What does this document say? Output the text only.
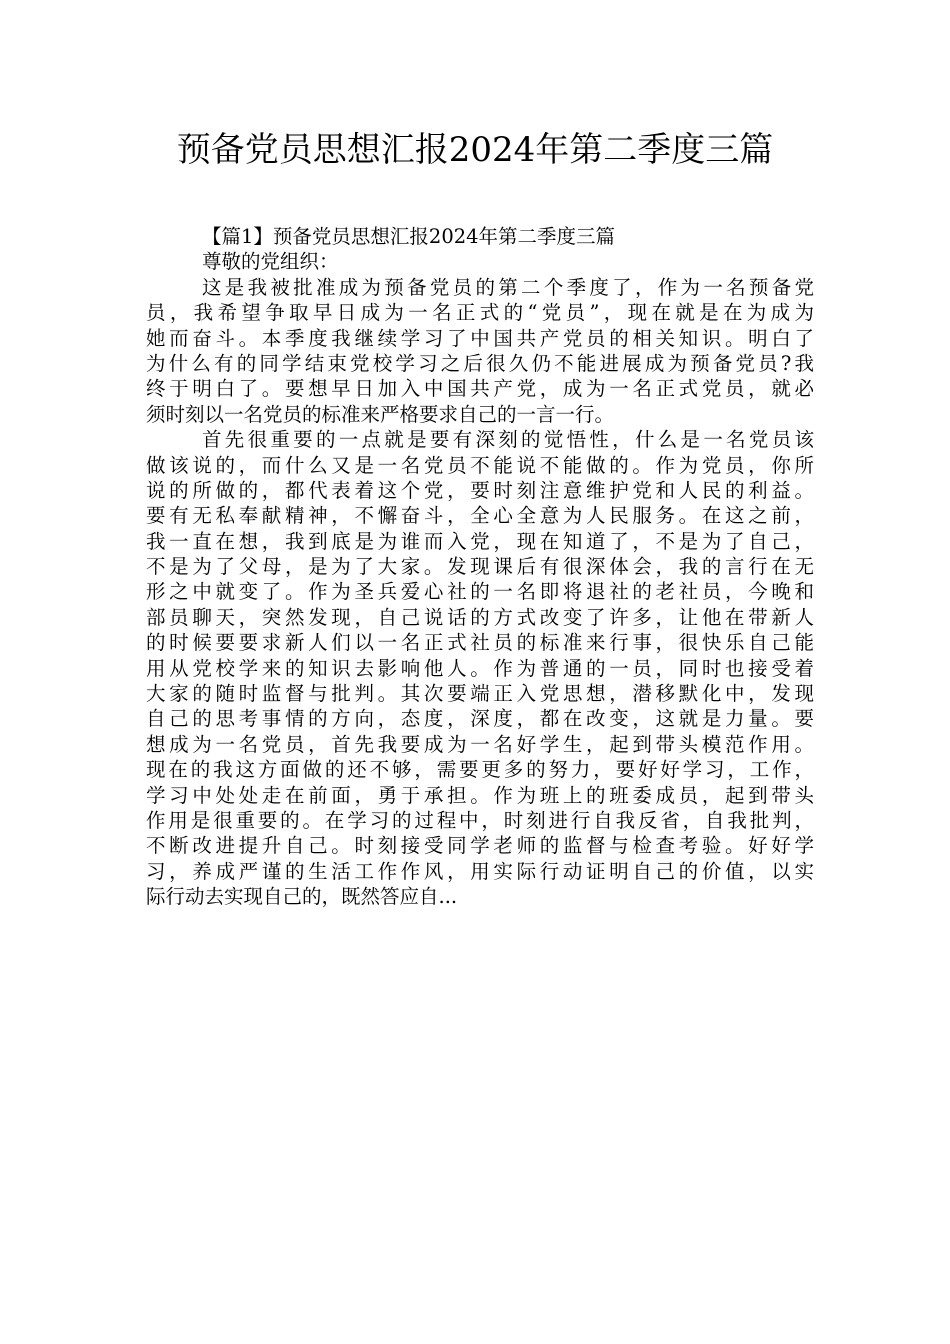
预备党员思想汇报2024年第二季度三篇
【篇1】预备党员思想汇报2024年第二季度三篇
尊敬的党组织：
这是我被批准成为预备党员的第二个季度了，作为一名预备党
员，我希望争取早日成为一名正式的“党员”，现在就是在为成为
她而奋斗。本季度我继续学习了中国共产党员的相关知识。明白了
为什么有的同学结束党校学习之后很久仍不能进展成为预备党员?我
终于明白了。要想早日加入中国共产党，成为一名正式党员，就必
须时刻以一名党员的标准来严格要求自己的一言一行。
首先很重要的一点就是要有深刻的觉悟性，什么是一名党员该
做该说的，而什么又是一名党员不能说不能做的。作为党员，你所
说的所做的，都代表着这个党，要时刻注意维护党和人民的利益。
要有无私奉献精神，不懈奋斗，全心全意为人民服务。在这之前，
我一直在想，我到底是为谁而入党，现在知道了，不是为了自己，
不是为了父母，是为了大家。发现课后有很深体会，我的言行在无
形之中就变了。作为圣兵爱心社的一名即将退社的老社员，今晚和
部员聊天，突然发现，自己说话的方式改变了许多，让他在带新人
的时候要要求新人们以一名正式社员的标准来行事，很快乐自己能
用从党校学来的知识去影响他人。作为普通的一员，同时也接受着
大家的随时监督与批判。其次要端正入党思想，潜移默化中，发现
自己的思考事情的方向，态度，深度，都在改变，这就是力量。要
想成为一名党员，首先我要成为一名好学生，起到带头模范作用。
现在的我这方面做的还不够，需要更多的努力，要好好学习，工作，
学习中处处走在前面，勇于承担。作为班上的班委成员，起到带头
作用是很重要的。在学习的过程中，时刻进行自我反省，自我批判，
不断改进提升自己。时刻接受同学老师的监督与检查考验。好好学
习，养成严谨的生活工作作风，用实际行动证明自己的价值，以实
际行动去实现自己的，既然答应自...
